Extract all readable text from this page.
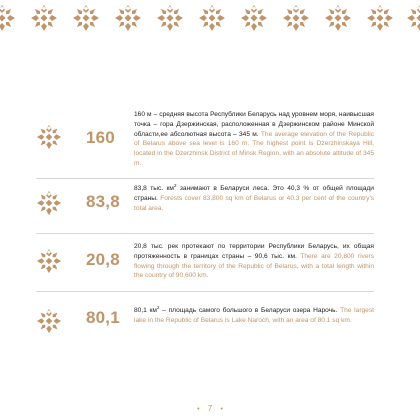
160
160 м – средняя высота Республики Беларусь над уровнем моря, наивысшая точка – гора Дзержинская, расположенная в Дзержинском районе Минской области,ее абсолютная высота – 345 м. The average elevation of the Republic of Belarus above sea level is 160 m. The highest point is Dzerzhinskaya Hill, located in the Dzerzhinsk District of Minsk Region, with an absolute altitude of 345 m.
83,8
83,8 тыс. $км^2$ занимают в Беларуси леса. Это 40,3 % от общей площади страны. Forests cover 83,800 sq km of Belarus or 40.3 per cent of the country's total area.
20,8
20,8 тыс. рек протекают по территории Республики Беларусь, их общая протяженность в границах страны – 90,6 тыс. км. There are 20,800 rivers flowing through the territory of the Republic of Belarus, with a total length within the country of 90,600 km.
80,1	80,1 $км^2$ – площадь самого большого в Беларуси озера Нарочь. The largest lake in the Republic of Belarus is Lake Naroch, with an area of 80.1 sq km.
• 7 •
